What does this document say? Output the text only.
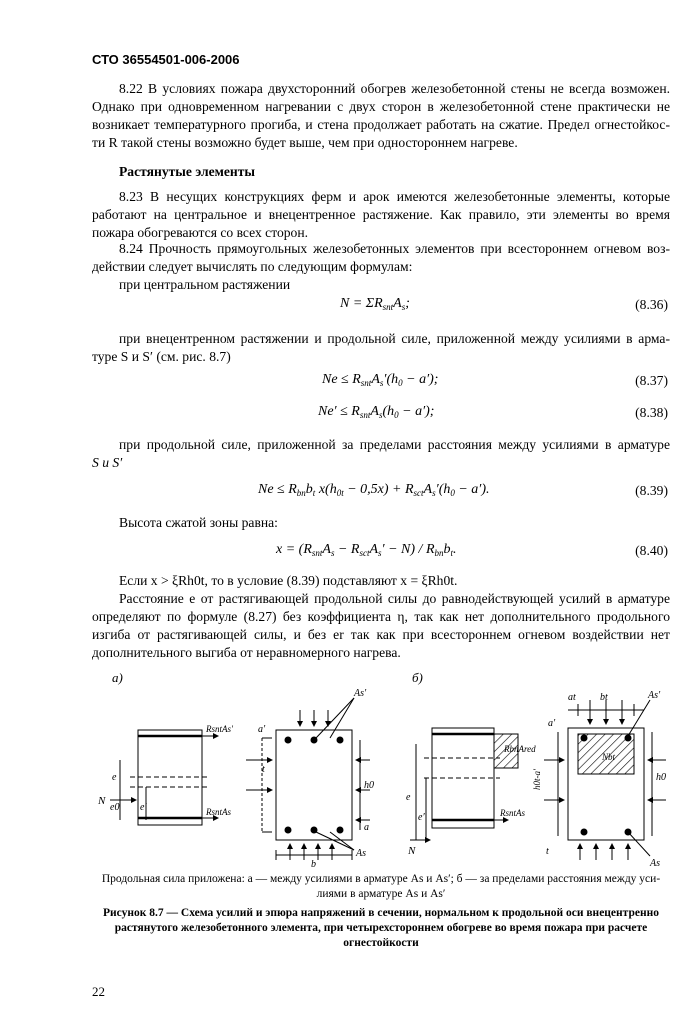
СТО 36554501-006-2006
8.22 В условиях пожара двухсторонний обогрев железобетонной стены не всегда возможен.
Однако при одновременном нагревании с двух сторон в железобетонной стене практически не
возникает температурного прогиба, и стена продолжает работать на сжатие. Предел огнестойкос-
ти R такой стены возможно будет выше, чем при одностороннем нагреве.
Растянутые элементы
8.23 В несущих конструкциях ферм и арок имеются железобетонные элементы, которые
работают на центральное и внецентренное растяжение. Как правило, эти элементы во время
пожара обогреваются со всех сторон.
8.24 Прочность прямоугольных железобетонных элементов при всестороннем огневом воз-
действии следует вычислять по следующим формулам:
при центральном растяжении
$N = \Sigma R_{snt}A_s$;	(8.36)
при внецентренном растяжении и продольной силе, приложенной между усилиями в арма-
туре S и S′ (см. рис. 8.7)
$Ne \le R_{snt}A_s'(h_0 - a')$;	(8.37)
$Ne' \le R_{snt}A_s(h_0 - a')$;	(8.38)
при продольной силе, приложенной за пределами расстояния между усилиями в арматуре
S и S′
$Ne \le R_{bn}b_t$ $x(h_{0t} - 0,5x) + R_{sct}A_s'(h_0 - a')$.	(8.39)
Высота сжатой зоны равна:
$x = (R_{snt}A_s - R_{sct}A_s' - N) / R_{bn}b_t$.	(8.40)
Если x > ξRh0t, то в условие (8.39) подставляют x = ξRh0t.
Расстояние e от растягивающей продольной силы до равнодействующей усилий в арматуре
определяют по формуле (8.27) без коэффициента η, так как нет дополнительного продольного
изгиба от растягивающей силы, и без er так как при всестороннем огневом воздействии нет
дополнительного выгиба от неравномерного нагрева.
а)	б)
RsntAs′
RsntAs
N
e
e′
e0
As′
As
a′
t
b
h0
a
RbnAred
RsntAs
N
e
e′
Nbt
bt
at	As′
As
a′
t
h0
h0t-a′
Продольная сила приложена: а — между усилиями в арматуре As и As′; б — за пределами расстояния между уси-
лиями в арматуре As и As′
Рисунок 8.7 — Схема усилий и эпюра напряжений в сечении, нормальном к продольной оси внецентренно
растянутого железобетонного элемента, при четырехстороннем обогреве во время пожара при расчете
огнестойкости
22
